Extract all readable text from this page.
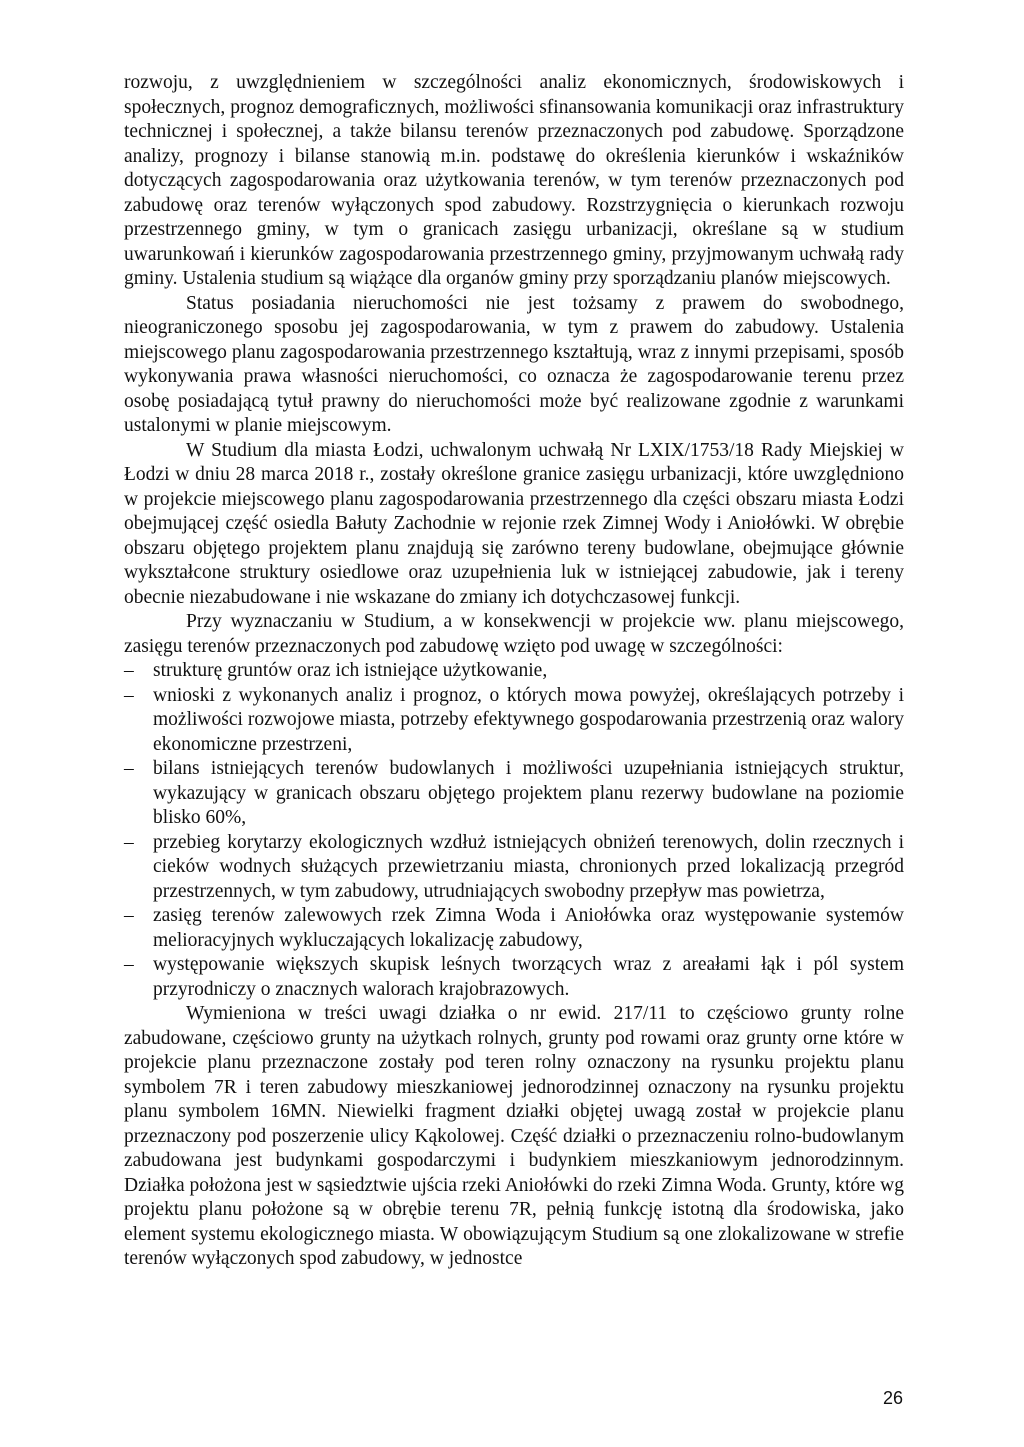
rozwoju, z uwzględnieniem w szczególności analiz ekonomicznych, środowiskowych i społecznych, prognoz demograficznych, możliwości sfinansowania komunikacji oraz infrastruktury technicznej i społecznej, a także bilansu terenów przeznaczonych pod zabudowę. Sporządzone analizy, prognozy i bilanse stanowią m.in. podstawę do określenia kierunków i wskaźników dotyczących zagospodarowania oraz użytkowania terenów, w tym terenów przeznaczonych pod zabudowę oraz terenów wyłączonych spod zabudowy. Rozstrzygnięcia o kierunkach rozwoju przestrzennego gminy, w tym o granicach zasięgu urbanizacji, określane są w studium uwarunkowań i kierunków zagospodarowania przestrzennego gminy, przyjmowanym uchwałą rady gminy. Ustalenia studium są wiążące dla organów gminy przy sporządzaniu planów miejscowych.

Status posiadania nieruchomości nie jest tożsamy z prawem do swobodnego, nieograniczonego sposobu jej zagospodarowania, w tym z prawem do zabudowy. Ustalenia miejscowego planu zagospodarowania przestrzennego kształtują, wraz z innymi przepisami, sposób wykonywania prawa własności nieruchomości, co oznacza że zagospodarowanie terenu przez osobę posiadającą tytuł prawny do nieruchomości może być realizowane zgodnie z warunkami ustalonymi w planie miejscowym.

W Studium dla miasta Łodzi, uchwalonym uchwałą Nr LXIX/1753/18 Rady Miejskiej w Łodzi w dniu 28 marca 2018 r., zostały określone granice zasięgu urbanizacji, które uwzględniono w projekcie miejscowego planu zagospodarowania przestrzennego dla części obszaru miasta Łodzi obejmującej część osiedla Bałuty Zachodnie w rejonie rzek Zimnej Wody i Aniołówki. W obrębie obszaru objętego projektem planu znajdują się zarówno tereny budowlane, obejmujące głównie wykształcone struktury osiedlowe oraz uzupełnienia luk w istniejącej zabudowie, jak i tereny obecnie niezabudowane i nie wskazane do zmiany ich dotychczasowej funkcji.

Przy wyznaczaniu w Studium, a w konsekwencji w projekcie ww. planu miejscowego, zasięgu terenów przeznaczonych pod zabudowę wzięto pod uwagę w szczególności:

– strukturę gruntów oraz ich istniejące użytkowanie,
– wnioski z wykonanych analiz i prognoz, o których mowa powyżej, określających potrzeby i możliwości rozwojowe miasta, potrzeby efektywnego gospodarowania przestrzenią oraz walory ekonomiczne przestrzeni,
– bilans istniejących terenów budowlanych i możliwości uzupełniania istniejących struktur, wykazujący w granicach obszaru objętego projektem planu rezerwy budowlane na poziomie blisko 60%,
– przebieg korytarzy ekologicznych wzdłuż istniejących obniżeń terenowych, dolin rzecznych i cieków wodnych służących przewietrzaniu miasta, chronionych przed lokalizacją przegród przestrzennych, w tym zabudowy, utrudniających swobodny przepływ mas powietrza,
– zasięg terenów zalewowych rzek Zimna Woda i Aniołówka oraz występowanie systemów melioracyjnych wykluczających lokalizację zabudowy,
– występowanie większych skupisk leśnych tworzących wraz z areałami łąk i pól system przyrodniczy o znacznych walorach krajobrazowych.

Wymieniona w treści uwagi działka o nr ewid. 217/11 to częściowo grunty rolne zabudowane, częściowo grunty na użytkach rolnych, grunty pod rowami oraz grunty orne które w projekcie planu przeznaczone zostały pod teren rolny oznaczony na rysunku projektu planu symbolem 7R i teren zabudowy mieszkaniowej jednorodzinnej oznaczony na rysunku projektu planu symbolem 16MN. Niewielki fragment działki objętej uwagą został w projekcie planu przeznaczony pod poszerzenie ulicy Kąkolowej. Część działki o przeznaczeniu rolno-budowlanym zabudowana jest budynkami gospodarczymi i budynkiem mieszkaniowym jednorodzinnym. Działka położona jest w sąsiedztwie ujścia rzeki Aniołówki do rzeki Zimna Woda. Grunty, które wg projektu planu położone są w obrębie terenu 7R, pełnią funkcję istotną dla środowiska, jako element systemu ekologicznego miasta. W obowiązującym Studium są one zlokalizowane w strefie terenów wyłączonych spod zabudowy, w jednostce

26
